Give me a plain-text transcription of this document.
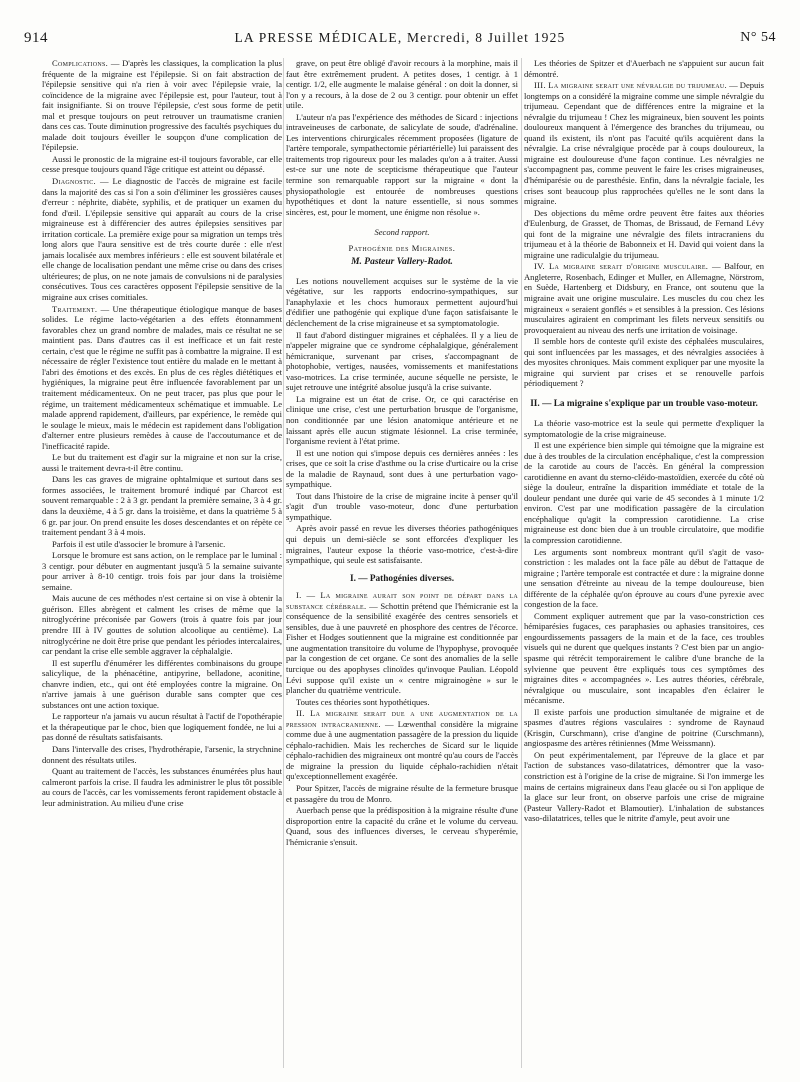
914	LA PRESSE MÉDICALE, Mercredi, 8 Juillet 1925	N° 54

Complications. — D'après les classiques, la complication la plus fréquente de la migraine est l'épilepsie. Si on fait abstraction de l'épilepsie sensitive qui n'a rien à voir avec l'épilepsie vraie, la coïncidence de la migraine avec l'épilepsie est, pour l'auteur, tout à fait insignifiante. Si on trouve l'épilepsie, c'est sous forme de petit mal et presque toujours on peut retrouver un traumatisme cranien dans ces cas. Toute diminution progressive des facultés psychiques du malade doit toujours éveiller le soupçon d'une complication de l'épilepsie.

Aussi le pronostic de la migraine est-il toujours favorable, car elle cesse presque toujours quand l'âge critique est atteint ou dépassé.

Diagnostic. — Le diagnostic de l'accès de migraine est facile dans la majorité des cas si l'on a soin d'éliminer les grossières causes d'erreur : néphrite, diabète, syphilis, et de pratiquer un examen du fond d'œil. L'épilepsie sensitive qui apparaît au cours de la crise migraineuse est à différencier des autres épilepsies sensitives par irritation corticale. La première exige pour sa migration un temps très long alors que l'aura sensitive est de très courte durée : elle n'est jamais localisée aux membres inférieurs : elle est souvent bilatérale et elle change de localisation pendant une même crise ou dans des crises ultérieures; de plus, on ne note jamais de convulsions ni de paralysies consécutives. Tous ces caractères opposent l'épilepsie sensitive de la migraine aux crises comitiales.

Traitement. — Une thérapeutique étiologique manque de bases solides. Le régime lacto-végétarien a des effets étonnamment favorables chez un grand nombre de malades, mais ce résultat ne se maintient pas. Dans d'autres cas il est inefficace et un fait reste certain, c'est que le régime ne suffit pas à combattre la migraine. Il est nécessaire de régler l'existence tout entière du malade en le mettant à l'abri des émotions et des excès. En plus de ces règles diététiques et hygiéniques, la migraine peut être influencée favorablement par un traitement médicamenteux. On ne peut tracer, pas plus que pour le régime, un traitement médicamenteux schématique et immuable. Le malade apprend rapidement, d'ailleurs, par expérience, le remède qui le soulage le mieux, mais le médecin est rapidement dans l'obligation d'alterner entre plusieurs remèdes à cause de l'accoutumance et de l'inefficacité rapide.

Le but du traitement est d'agir sur la migraine et non sur la crise, aussi le traitement devra-t-il être continu.

Dans les cas graves de migraine ophtalmique et surtout dans ses formes associées, le traitement bromuré indiqué par Charcot est souvent remarquable : 2 à 3 gr. pendant la première semaine, 3 à 4 gr. dans la deuxième, 4 à 5 gr. dans la troisième, et dans la quatrième 5 à 6 gr. par jour. On prend ensuite les doses descendantes et on répète ce traitement pendant 3 à 4 mois.

Parfois il est utile d'associer le bromure à l'arsenic.

Lorsque le bromure est sans action, on le remplace par le luminal : 3 centigr. pour débuter en augmentant jusqu'à 5 la semaine suivante pour arriver à 8-10 centigr. trois fois par jour dans la troisième semaine.

Mais aucune de ces méthodes n'est certaine si on vise à obtenir la guérison. Elles abrègent et calment les crises de même que la nitroglycérine préconisée par Gowers (trois à quatre fois par jour prendre III à IV gouttes de solution alcoolique au centième). La nitroglycérine ne doit être prise que pendant les périodes intercalaires, car pendant la crise elle semble aggraver la céphalalgie.

Il est superflu d'énumérer les différentes combinaisons du groupe salicylique, de la phénacétine, antipyrine, belladone, aconitine, chanvre indien, etc., qui ont été employées contre la migraine. On n'arrive jamais à une guérison durable sans compter que ces substances ont une action toxique.

Le rapporteur n'a jamais vu aucun résultat à l'actif de l'opothérapie et la thérapeutique par le choc, bien que logiquement fondée, ne lui a pas donné de résultats satisfaisants.

Dans l'intervalle des crises, l'hydrothérapie, l'arsenic, la strychnine donnent des résultats utiles.

Quant au traitement de l'accès, les substances énumérées plus haut calmeront parfois la crise. Il faudra les administrer le plus tôt possible au cours de l'accès, car les vomissements feront rapidement obstacle à leur administration. Au milieu d'une crise

grave, on peut être obligé d'avoir recours à la morphine, mais il faut être extrêmement prudent. A petites doses, 1 centigr. à 1 centigr. 1/2, elle augmente le malaise général : on doit la donner, si l'on y a recours, à la dose de 2 ou 3 centigr. pour obtenir un effet utile.

L'auteur n'a pas l'expérience des méthodes de Sicard : injections intraveineuses de carbonate, de salicylate de soude, d'adrénaline. Les interventions chirurgicales récemment proposées (ligature de l'artère temporale, sympathectomie périartérielle) lui paraissent des traitements trop rigoureux pour les malades qu'on a à traiter. Aussi est-ce sur une note de scepticisme thérapeutique que l'auteur termine son remarquable rapport sur la migraine « dont la physiopathologie est entourée de nombreuses questions hypothétiques et dont la nature essentielle, si nous sommes sincères, est, pour le moment, une énigme non résolue ».

Second rapport.

Pathogénie des Migraines.

M. Pasteur Vallery-Radot.

Les notions nouvellement acquises sur le système de la vie végétative, sur les rapports endocrino-sympathiques, sur l'anaphylaxie et les chocs humoraux permettent aujourd'hui d'édifier une pathogénie qui explique d'une façon satisfaisante le déclenchement de la crise migraineuse et sa symptomatologie.

Il faut d'abord distinguer migraines et céphalées. Il y a lieu de n'appeler migraine que ce syndrome céphalalgique, généralement hémicranique, survenant par crises, s'accompagnant de photophobie, vertiges, nausées, vomissements et manifestations vaso-motrices. La crise terminée, aucune séquelle ne persiste, le sujet retrouve une intégrité absolue jusqu'à la crise suivante.

La migraine est un état de crise. Or, ce qui caractérise en clinique une crise, c'est une perturbation brusque de l'organisme, non conditionnée par une lésion anatomique antérieure et ne laissant après elle aucun stigmate lésionnel. La crise terminée, l'organisme revient à l'état prime.

Il est une notion qui s'impose depuis ces dernières années : les crises, que ce soit la crise d'asthme ou la crise d'urticaire ou la crise de la maladie de Raynaud, sont dues à une perturbation vago-sympathique.

Tout dans l'histoire de la crise de migraine incite à penser qu'il s'agit d'un trouble vaso-moteur, donc d'une perturbation sympathique.

Après avoir passé en revue les diverses théories pathogéniques qui depuis un demi-siècle se sont efforcées d'expliquer les migraines, l'auteur expose la théorie vaso-motrice, c'est-à-dire sympathique, qui seule est satisfaisante.

I. — Pathogénies diverses.

I. — La migraine aurait son point de départ dans la substance cérébrale. — Schottin prétend que l'hémicranie est la conséquence de la sensibilité exagérée des centres sensoriels et sensibles, due à une pauvreté en phosphore des centres de l'écorce. Fisher et Hodges soutiennent que la migraine est conditionnée par une augmentation transitoire du volume de l'hypophyse, provoquée par la congestion de cet organe. Ce sont des anomalies de la selle turcique ou des apophyses clinoïdes qu'invoque Paulian. Léopold Lévi suppose qu'il existe un « centre migrainogène » sur le plancher du quatrième ventricule.

Toutes ces théories sont hypothétiques.

II. La migraine serait due a une augmentation de la pression intracranienne. — Lœwenthal considère la migraine comme due à une augmentation passagère de la pression du liquide céphalo-rachidien. Mais les recherches de Sicard sur le liquide céphalo-rachidien des migraineux ont montré qu'au cours de l'accès de migraine la pression du liquide céphalo-rachidien n'était qu'exceptionnellement exagérée.

Pour Spitzer, l'accès de migraine résulte de la fermeture brusque et passagère du trou de Monro.

Auerbach pense que la prédisposition à la migraine résulte d'une disproportion entre la capacité du crâne et le volume du cerveau. Quand, sous des influences diverses, le cerveau s'hyperémie, l'hémicranie s'ensuit.

Les théories de Spitzer et d'Auerbach ne s'appuient sur aucun fait démontré.

III. La migraine serait une névralgie du trijumeau. — Depuis longtemps on a considéré la migraine comme une simple névralgie du trijumeau. Cependant que de différences entre la migraine et la névralgie du trijumeau ! Chez les migraineux, bien souvent les points douloureux manquent à l'émergence des branches du trijumeau, ou quand ils existent, ils n'ont pas l'acuité qu'ils acquièrent dans la névralgie. La crise névralgique procède par à coups douloureux, la migraine est douloureuse d'une façon continue. Les névralgies ne s'accompagnent pas, comme peuvent le faire les crises migraineuses, d'hémiparésie ou de paresthésie. Enfin, dans la névralgie faciale, les crises sont beaucoup plus rapprochées qu'elles ne le sont dans la migraine.

Des objections du même ordre peuvent être faites aux théories d'Eulenburg, de Grasset, de Thomas, de Brissaud, de Fernand Lévy qui font de la migraine une névralgie des filets intracraniens du trijumeau et à la théorie de Babonneix et H. David qui voient dans la migraine une radiculalgie du trijumeau.

IV. La migraine serait d'origine musculaire. — Balfour, en Angleterre, Rosenbach, Edinger et Muller, en Allemagne, Nörstrom, en Suède, Hartenberg et Didsbury, en France, ont soutenu que la migraine avait une origine musculaire. Les muscles du cou chez les migraineux « seraient gonflés » et sensibles à la pression. Ces lésions musculaires agiraient en comprimant les filets nerveux sensitifs ou provoqueraient au niveau des nerfs une irritation de voisinage.

Il semble hors de conteste qu'il existe des céphalées musculaires, qui sont influencées par les massages, et des névralgies associées à des myosites chroniques. Mais comment expliquer par une myosite la migraine qui survient par crises et se renouvelle parfois périodiquement ?

II. — La migraine s'explique par un trouble vaso-moteur.

La théorie vaso-motrice est la seule qui permette d'expliquer la symptomatologie de la crise migraineuse.

Il est une expérience bien simple qui témoigne que la migraine est due à des troubles de la circulation encéphalique, c'est la compression de la carotide au cours de l'accès. En général la compression carotidienne en avant du sterno-cléido-mastoïdien, exercée du côté où siège la douleur, entraîne la disparition immédiate et totale de la douleur pendant une durée qui varie de 45 secondes à 1 minute 1/2 environ. C'est par une modification passagère de la circulation encéphalique qu'agit la compression carotidienne. La crise migraineuse est donc bien due à un trouble circulatoire, que modifie la compression carotidienne.

Les arguments sont nombreux montrant qu'il s'agit de vaso-constriction : les malades ont la face pâle au début de l'attaque de migraine ; l'artère temporale est contractée et dure : la migraine donne une sensation d'étreinte au niveau de la tempe douloureuse, bien différente de la céphalée qu'on éprouve au cours d'une pyrexie avec congestion de la face.

Comment expliquer autrement que par la vaso-constriction ces hémiparésies fugaces, ces paraphasies ou aphasies transitoires, ces engourdissements passagers de la main et de la face, ces troubles visuels qui ne durent que quelques instants ? C'est bien par un angio-spasme qui rétrécit temporairement le calibre d'une branche de la sylvienne que peuvent être expliqués tous ces symptômes des migraines dites « accompagnées ». Les autres théories, cérébrale, névralgique ou musculaire, sont incapables d'en éclairer le mécanisme.

Il existe parfois une production simultanée de migraine et de spasmes d'autres régions vasculaires : syndrome de Raynaud (Krisgin, Curschmann), crise d'angine de poitrine (Curschmann), angiospasme des artères rétiniennes (Mme Weissmann).

On peut expérimentalement, par l'épreuve de la glace et par l'action de substances vaso-dilatatrices, démontrer que la vaso-constriction est à l'origine de la crise de migraine. Si l'on immerge les mains de certains migraineux dans l'eau glacée ou si l'on applique de la glace sur leur front, on observe parfois une crise de migraine (Pasteur Vallery-Radot et Blamoutier). L'inhalation de substances vaso-dilatatrices, telles que le nitrite d'amyle, peut avoir une
